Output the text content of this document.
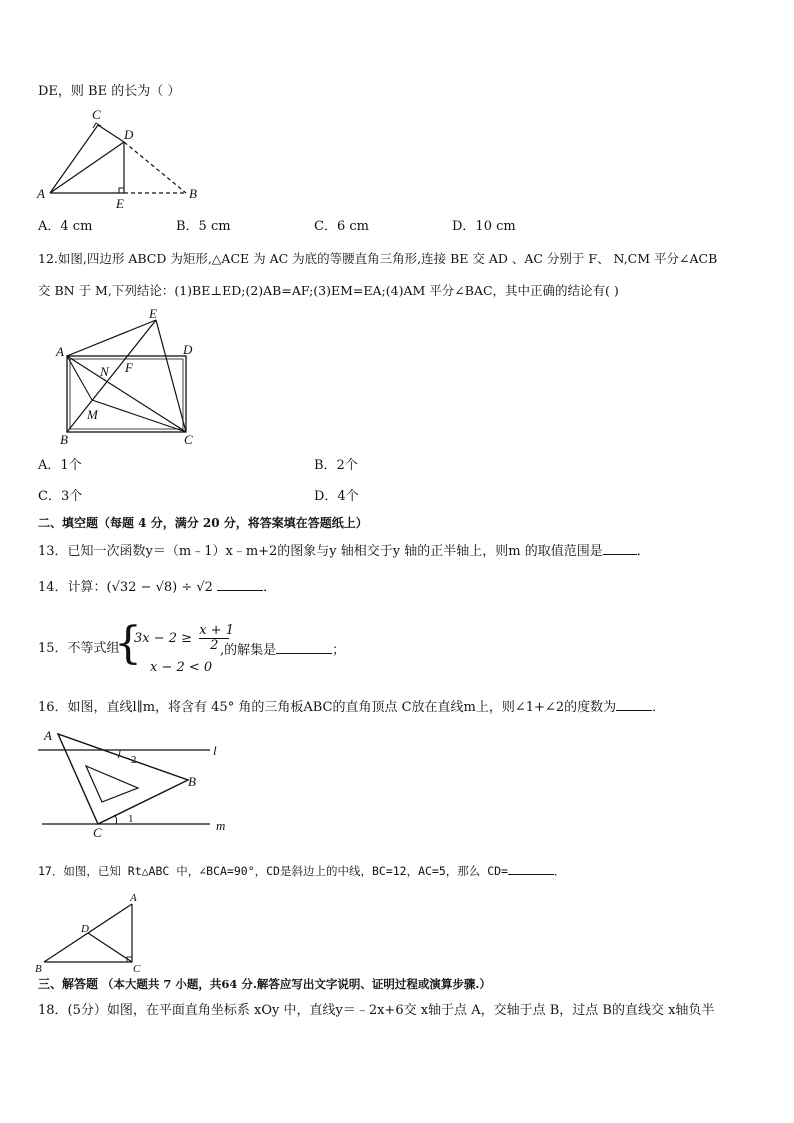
DE，则 BE 的长为（ ）
A
C
D
E
B
A．4 cm	B．5 cm	C．6 cm	D．10 cm
12.如图,四边形 ABCD 为矩形,△ACE 为 AC 为底的等腰直角三角形,连接 BE 交 AD 、AC 分别于 F、 N,CM 平分∠ACB
交 BN 于 M,下列结论：(1)BE⊥ED;(2)AB=AF;(3)EM=EA;(4)AM 平分∠BAC，其中正确的结论有( )
A
E
D
N F
M
B	C
A．1个	B．2个
C．3个	D．4个
二、填空题（每题 4 分，满分 20 分，将答案填在答题纸上）
13．已知一次函数y＝（m﹣1）x﹣m+2的图象与y 轴相交于y 轴的正半轴上，则m 的取值范围是	．
14．计算：(√32 − √8) ÷ √2	．
15．不等式组
{
$3x - 2 \ge \frac{x + 1}{2}$
x − 2 < 0
,的解集是	；
16．如图，直线l∥m，将含有 45° 角的三角板ABC的直角顶点 C放在直线m上，则∠1+∠2的度数为	．
A
2
l
B
1	m
C
17．如图，已知 Rt△ABC 中，∠BCA=90°，CD是斜边上的中线，BC=12，AC=5，那么 CD=	．
A
D
B	C
三、解答题 （本大题共 7 小题，共64 分.解答应写出文字说明、证明过程或演算步骤.）
18．(5分）如图，在平面直角坐标系 xOy 中，直线y＝﹣2x+6交 x轴于点 A，交轴于点 B，过点 B的直线交 x轴负半
